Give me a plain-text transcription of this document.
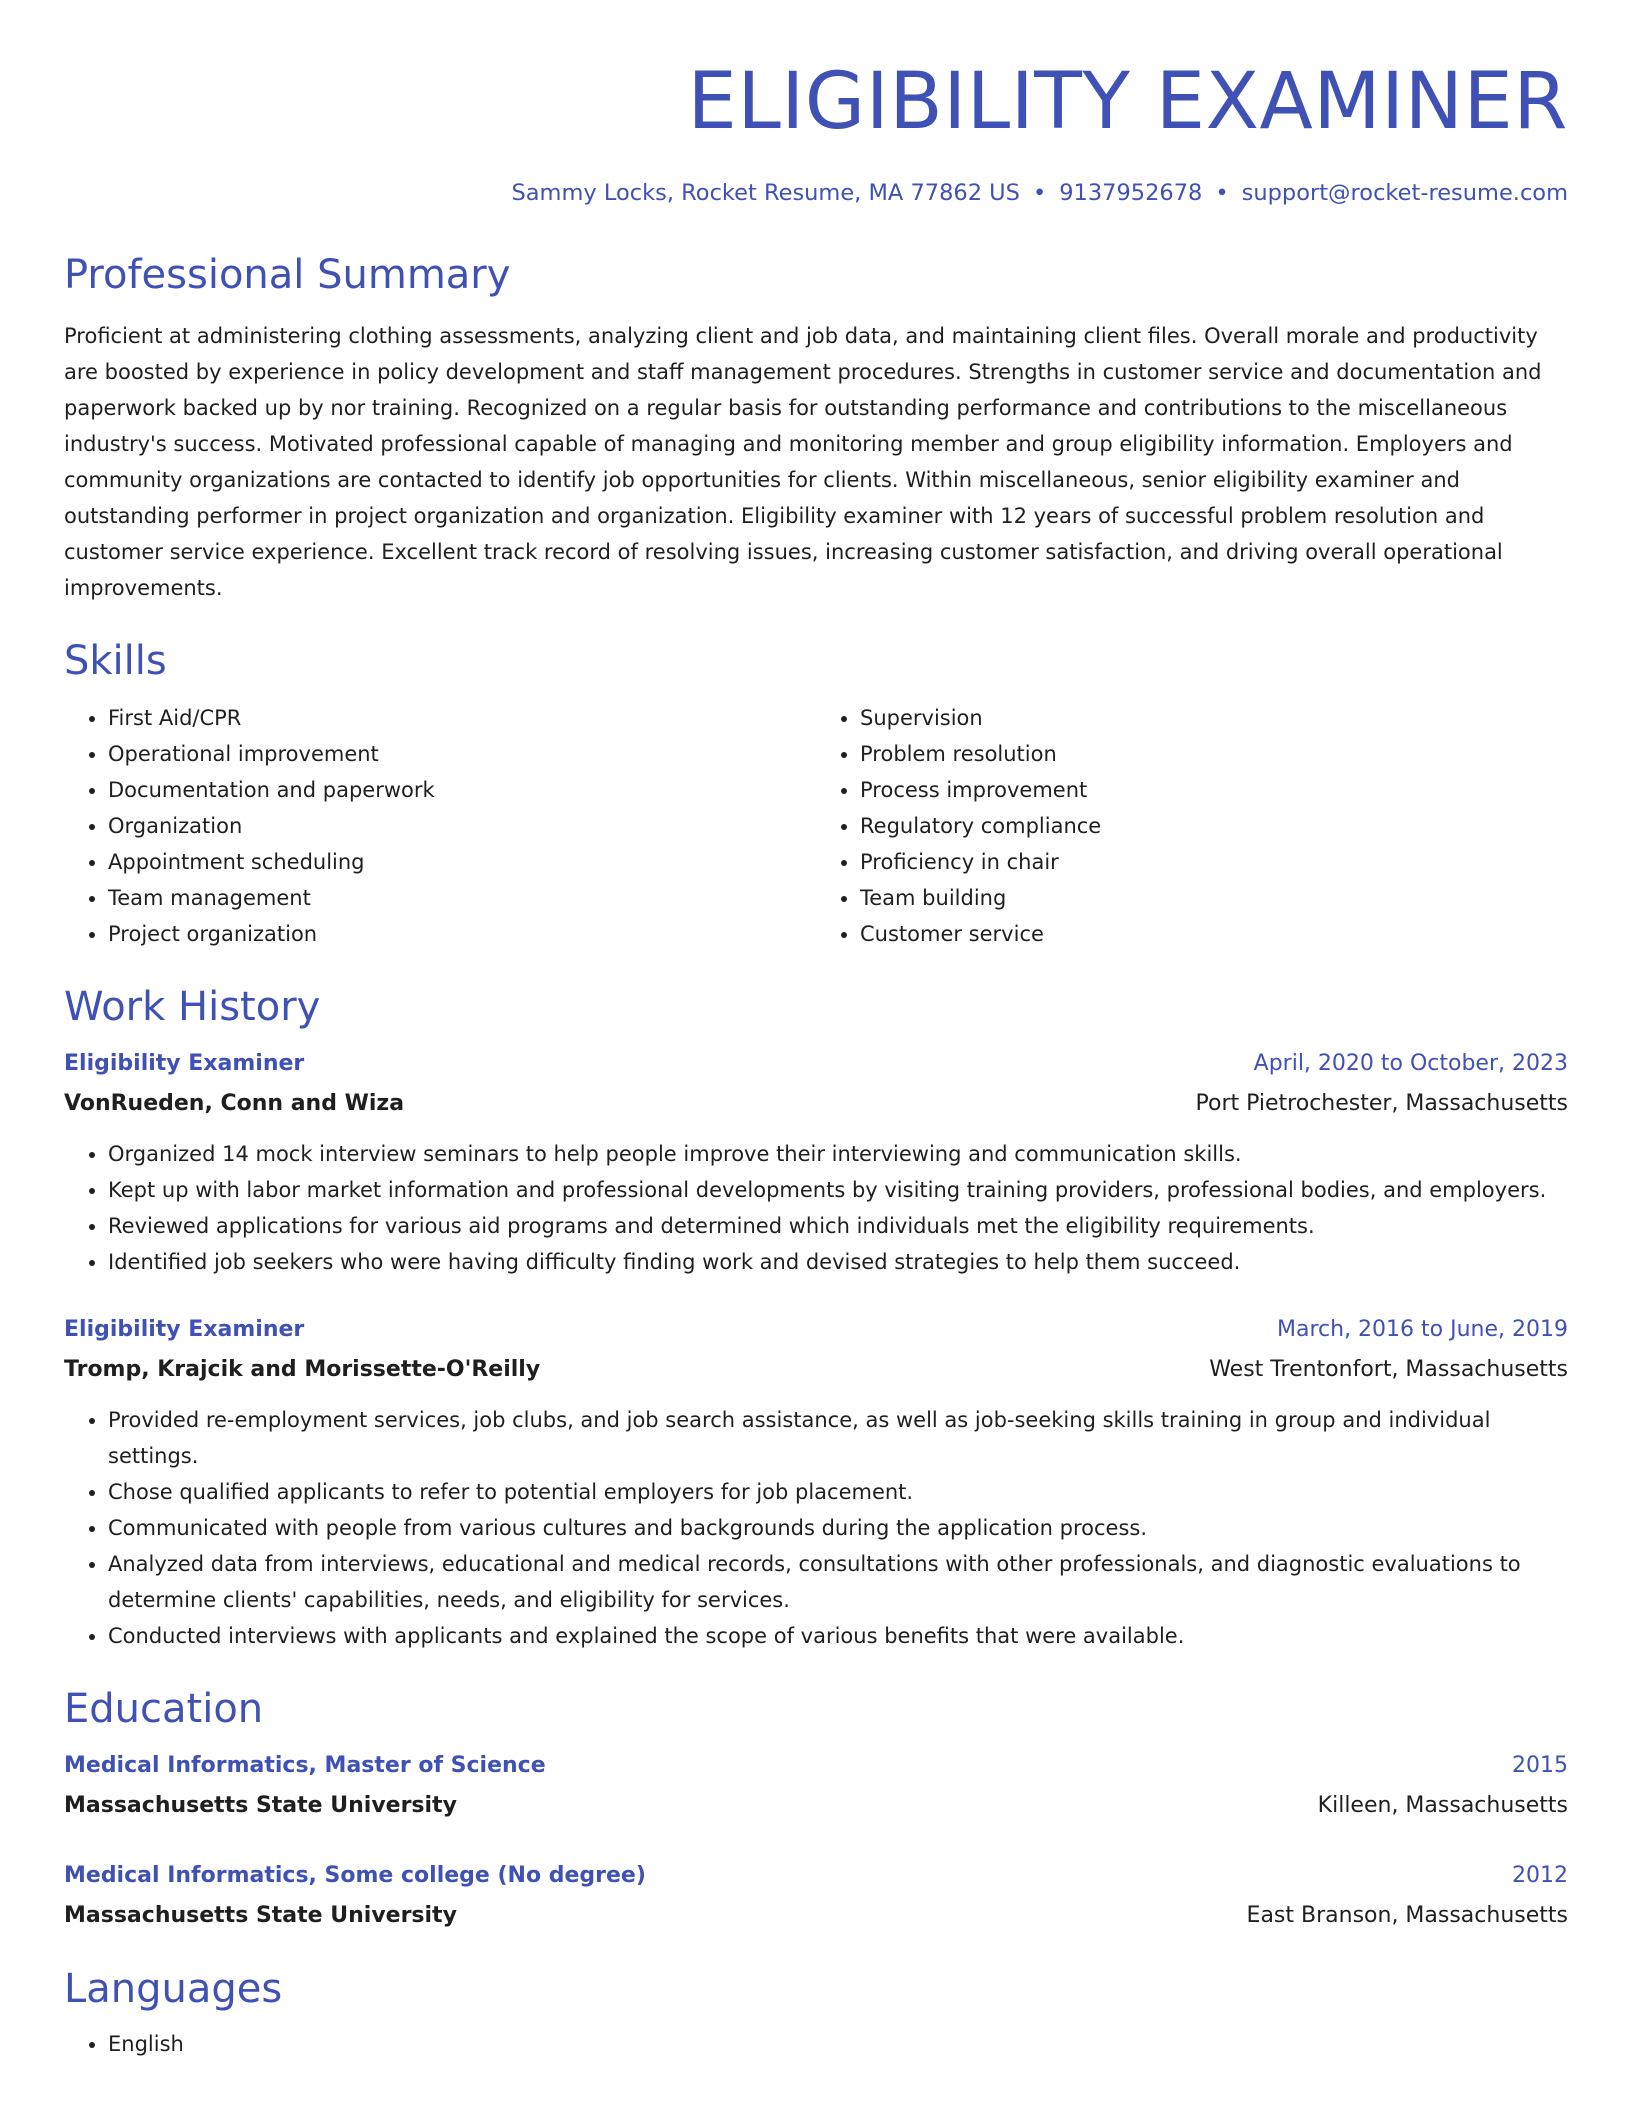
ELIGIBILITY EXAMINER
Sammy Locks, Rocket Resume, MA 77862 US • 9137952678 • support@rocket-resume.com
Professional Summary

Proficient at administering clothing assessments, analyzing client and job data, and maintaining client files. Overall morale and productivity are boosted by experience in policy development and staff management procedures. Strengths in customer service and documentation and paperwork backed up by nor training. Recognized on a regular basis for outstanding performance and contributions to the miscellaneous industry's success. Motivated professional capable of managing and monitoring member and group eligibility information. Employers and community organizations are contacted to identify job opportunities for clients. Within miscellaneous, senior eligibility examiner and outstanding performer in project organization and organization. Eligibility examiner with 12 years of successful problem resolution and customer service experience. Excellent track record of resolving issues, increasing customer satisfaction, and driving overall operational improvements.

Skills
• First Aid/CPR
• Operational improvement
• Documentation and paperwork
• Organization
• Appointment scheduling
• Team management
• Project organization
• Supervision
• Problem resolution
• Process improvement
• Regulatory compliance
• Proficiency in chair
• Team building
• Customer service
Work History
Eligibility Examiner	April, 2020 to October, 2023
VonRueden, Conn and Wiza	Port Pietrochester, Massachusetts
• Organized 14 mock interview seminars to help people improve their interviewing and communication skills.
• Kept up with labor market information and professional developments by visiting training providers, professional bodies, and employers.
• Reviewed applications for various aid programs and determined which individuals met the eligibility requirements.
• Identified job seekers who were having difficulty finding work and devised strategies to help them succeed.
Eligibility Examiner	March, 2016 to June, 2019
Tromp, Krajcik and Morissette-O'Reilly	West Trentonfort, Massachusetts
• Provided re-employment services, job clubs, and job search assistance, as well as job-seeking skills training in group and individual settings.
• Chose qualified applicants to refer to potential employers for job placement.
• Communicated with people from various cultures and backgrounds during the application process.
• Analyzed data from interviews, educational and medical records, consultations with other professionals, and diagnostic evaluations to determine clients' capabilities, needs, and eligibility for services.
• Conducted interviews with applicants and explained the scope of various benefits that were available.
Education
Medical Informatics, Master of Science	2015
Massachusetts State University	Killeen, Massachusetts
Medical Informatics, Some college (No degree)	2012
Massachusetts State University	East Branson, Massachusetts
Languages
• English
